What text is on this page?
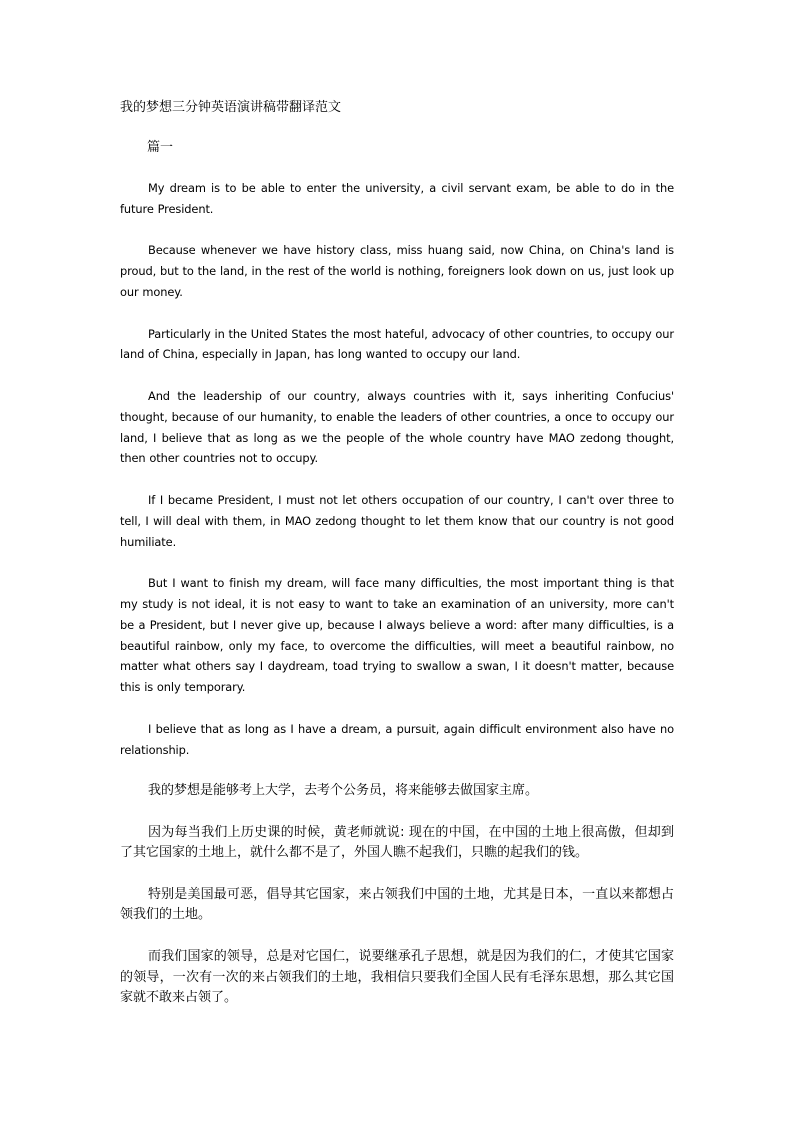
我的梦想三分钟英语演讲稿带翻译范文
篇一

My dream is to be able to enter the university, a civil servant exam, be able to do in the future President.

Because whenever we have history class, miss huang said, now China, on China's land is proud, but to the land, in the rest of the world is nothing, foreigners look down on us, just look up our money.

Particularly in the United States the most hateful, advocacy of other countries, to occupy our land of China, especially in Japan, has long wanted to occupy our land.

And the leadership of our country, always countries with it, says inheriting Confucius' thought, because of our humanity, to enable the leaders of other countries, a once to occupy our land, I believe that as long as we the people of the whole country have MAO zedong thought, then other countries not to occupy.

If I became President, I must not let others occupation of our country, I can't over three to tell, I will deal with them, in MAO zedong thought to let them know that our country is not good humiliate.

But I want to finish my dream, will face many difficulties, the most important thing is that my study is not ideal, it is not easy to want to take an examination of an university, more can't be a President, but I never give up, because I always believe a word: after many difficulties, is a beautiful rainbow, only my face, to overcome the difficulties, will meet a beautiful rainbow, no matter what others say I daydream, toad trying to swallow a swan, I it doesn't matter, because this is only temporary.

I believe that as long as I have a dream, a pursuit, again difficult environment also have no relationship.

我的梦想是能够考上大学，去考个公务员，将来能够去做国家主席。

因为每当我们上历史课的时候，黄老师就说: 现在的中国，在中国的土地上很高傲，但却到了其它国家的土地上，就什么都不是了，外国人瞧不起我们，只瞧的起我们的钱。

特别是美国最可恶，倡导其它国家，来占领我们中国的土地，尤其是日本，一直以来都想占领我们的土地。

而我们国家的领导，总是对它国仁，说要继承孔子思想，就是因为我们的仁，才使其它国家的领导，一次有一次的来占领我们的土地，我相信只要我们全国人民有毛泽东思想，那么其它国家就不敢来占领了。
